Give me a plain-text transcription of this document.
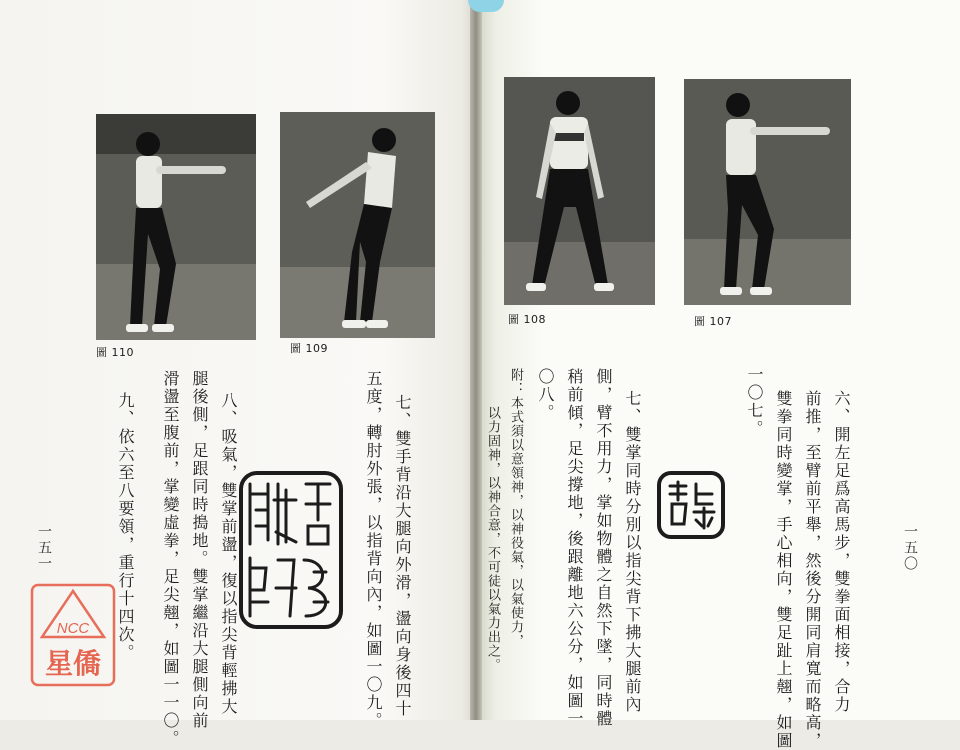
圖 110	圖 109
圖 108	圖 107
六、開左足爲高馬步，雙拳面相接，合力
前推，至臂前平舉，然後分開同肩寬而略高，
雙拳同時變掌，手心相向，雙足趾上翹，如圖
一〇七。
七、雙掌同時分別以指尖背下拂大腿前內
側，臂不用力，掌如物體之自然下墜，同時體
稍前傾，足尖撐地，後跟離地六公分，如圖一
〇八。
附：本式須以意領神，以神役氣，以氣使力，
以力固神，以神合意，不可徒以氣力出之。	一五〇
七、雙手背沿大腿向外滑，盪向身後四十
五度，轉肘外張，以指背向內，如圖一〇九。
八、吸氣，雙掌前盪，復以指尖背輕拂大
腿後側，足跟同時搗地。雙掌繼沿大腿側向前
滑盪至腹前，掌變虛拳，足尖翹，如圖一一〇。
九、依六至八要領，重行十四次。
一五一
NCC
星僑
